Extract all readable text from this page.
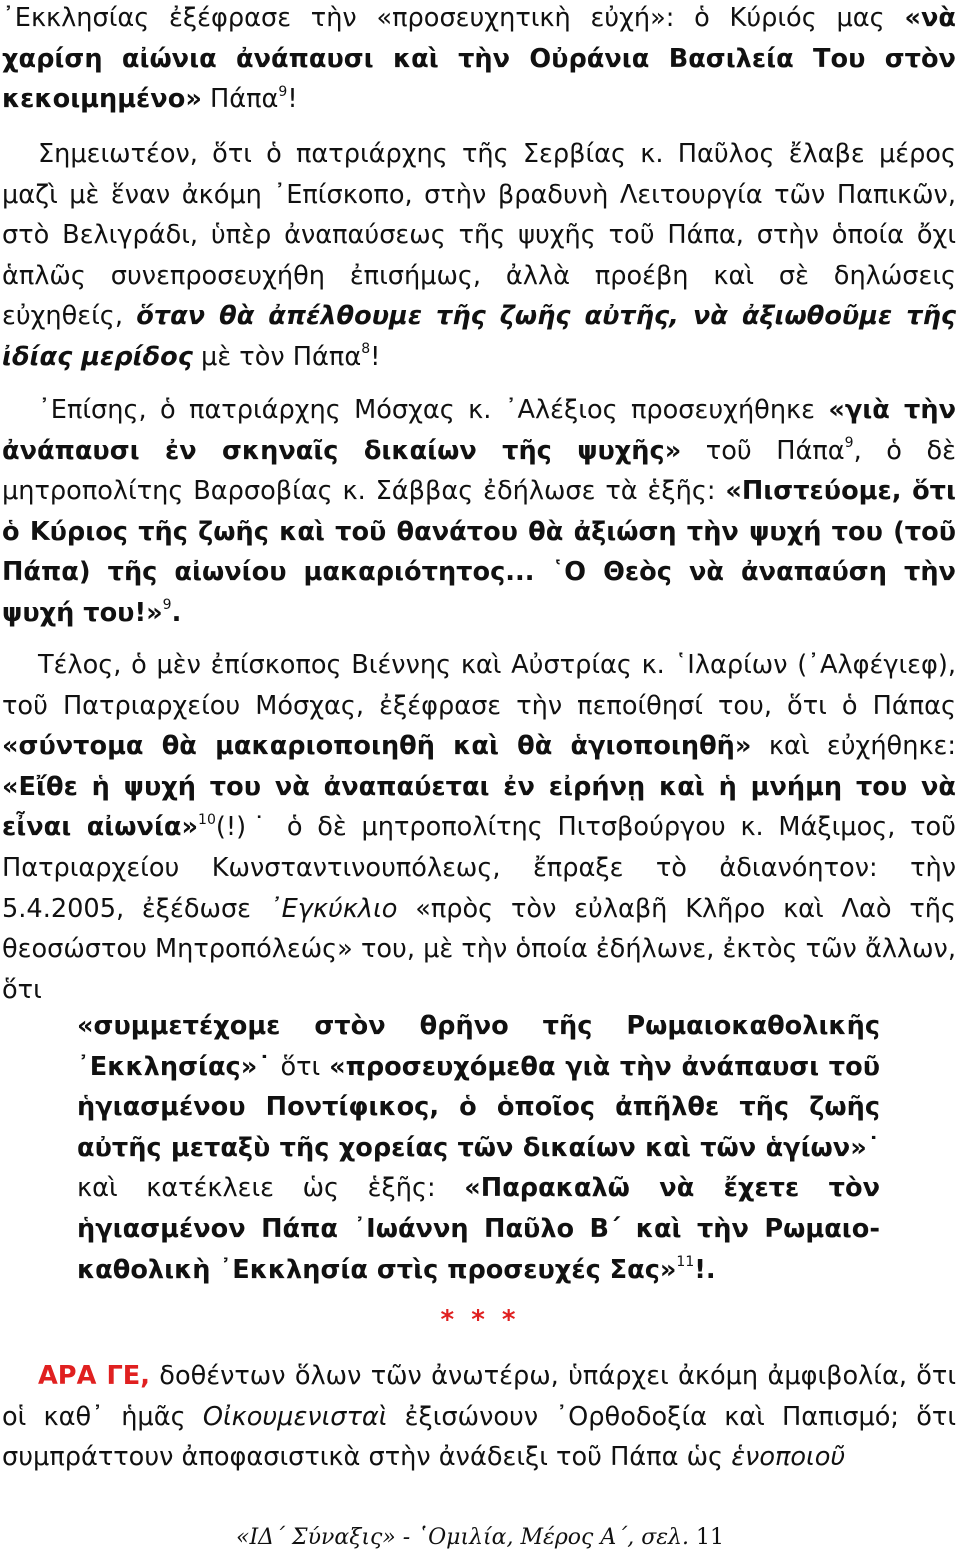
᾿Εκκλησίας ἐξέφρασε τὴν «προσευχητικὴ εὐχή»: ὁ Κύριός μας «νὰ χαρίση αἰώνια ἀνάπαυσι καὶ τὴν Οὐράνια Βασιλεία Του στὸν κεκοιμημένο» Πάπα$^9$!

Σημειωτέον, ὅτι ὁ πατριάρχης τῆς Σερβίας κ. Παῦλος ἔλαβε μέρος μαζὶ μὲ ἕναν ἀκόμη ᾿Επίσκοπο, στὴν βραδυνὴ Λειτουργία τῶν Παπικῶν, στὸ Βελιγράδι, ὑπὲρ ἀναπαύσεως τῆς ψυχῆς τοῦ Πάπα, στὴν ὁποία ὄχι ἁπλῶς συνεπροσευχήθη ἐπισήμως, ἀλλὰ προέβη καὶ σὲ δηλώσεις εὐχηθείς, ὅταν θὰ ἀπέλθουμε τῆς ζωῆς αὐτῆς, νὰ ἀξιωθοῦμε τῆς ἰδίας μερίδος μὲ τὸν Πάπα$^8$!

᾿Επίσης, ὁ πατριάρχης Μόσχας κ. ᾿Αλέξιος προσευχήθηκε «γιὰ τὴν ἀνάπαυσι ἐν σκηναῖς δικαίων τῆς ψυχῆς» τοῦ Πάπα$^9$, ὁ δὲ μητροπολίτης Βαρσοβίας κ. Σάββας ἐδήλωσε τὰ ἑξῆς: «Πιστεύομε, ὅτι ὁ Κύριος τῆς ζωῆς καὶ τοῦ θανάτου θὰ ἀξιώση τὴν ψυχή του (τοῦ Πάπα) τῆς αἰωνίου μακαριότητος... ῾Ο Θεὸς νὰ ἀναπαύση τὴν ψυχή του!»$^9$.

Τέλος, ὁ μὲν ἐπίσκοπος Βιέννης καὶ Αὐστρίας κ. ῾Ιλαρίων (᾿Αλφέγιεφ), τοῦ Πατριαρχείου Μόσχας, ἐξέφρασε τὴν πεποίθησί του, ὅτι ὁ Πάπας «σύντομα θὰ μακαριοποιηθῆ καὶ θὰ ἁγιοποιηθῆ» καὶ εὐχήθηκε: «Εἴθε ἡ ψυχή του νὰ ἀναπαύεται ἐν εἰρήνῃ καὶ ἡ μνήμη του νὰ εἶναι αἰωνία»$^{10}$(!)˙ ὁ δὲ μητροπολίτης Πιτσβούργου κ. Μάξιμος, τοῦ Πατριαρχείου Κωνσταντινουπόλεως, ἔπραξε τὸ ἀδιανόητον: τὴν 5.4.2005, ἐξέδωσε ᾿Εγκύκλιο «πρὸς τὸν εὐλαβῆ Κλῆρο καὶ Λαὸ τῆς θεοσώστου Μητροπόλεώς» του, μὲ τὴν ὁποία ἐδήλωνε, ἐκτὸς τῶν ἄλλων, ὅτι

«συμμετέχομε στὸν θρῆνο τῆς Ρωμαιοκαθολικῆς ᾿Εκκλησίας»˙ ὅτι «προσευχόμεθα γιὰ τὴν ἀνάπαυσι τοῦ ἡγιασμένου Ποντίφικος, ὁ ὁποῖος ἀπῆλθε τῆς ζωῆς αὐτῆς μεταξὺ τῆς χορείας τῶν δικαίων καὶ τῶν ἁγίων»˙ καὶ κατέκλειε ὡς ἑξῆς: «Παρακαλῶ νὰ ἔχετε τὸν ἡγιασμένον Πάπα ᾿Ιωάννη Παῦλο Β΄ καὶ τὴν Ρωμαιο- καθολικὴ ᾿Εκκλησία στὶς προσευχές Σας»$^{11}$!.

* * *

ΑΡΑ ΓΕ, δοθέντων ὅλων τῶν ἀνωτέρω, ὑπάρχει ἀκόμη ἀμφιβολία, ὅτι οἱ καθ᾿ ἡμᾶς Οἰκουμενισταὶ ἐξισώνουν ᾿Ορθοδοξία καὶ Παπισμό; ὅτι συμπράττουν ἀποφασιστικὰ στὴν ἀνάδειξι τοῦ Πάπα ὡς ἑνοποιοῦ

«ΙΔ΄ Σύναξις» - ῾Ομιλία, Μέρος Α΄, σελ. 11
